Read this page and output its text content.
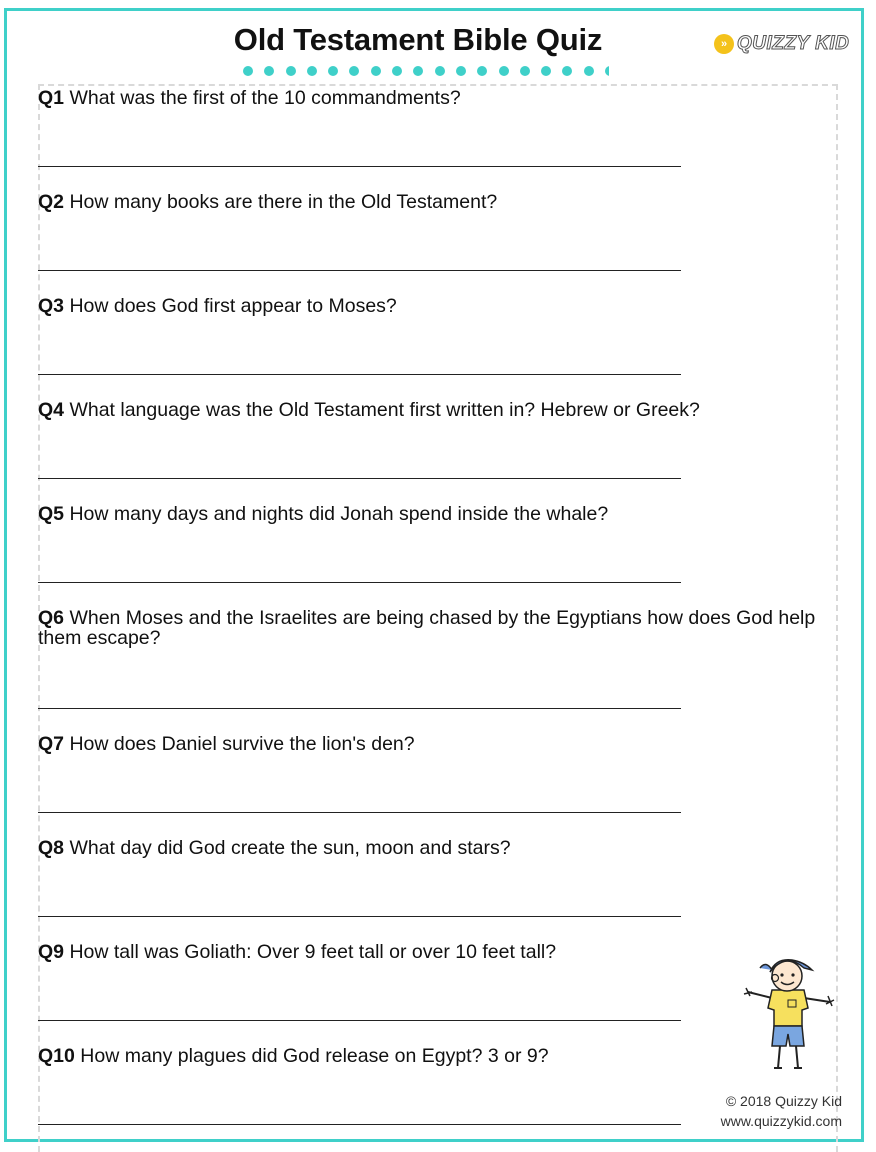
Old Testament Bible Quiz	» QUIZZY KID
Q1 What was the first of the 10 commandments?
Q2 How many books are there in the Old Testament?
Q3 How does God first appear to Moses?
Q4 What language was the Old Testament first written in? Hebrew or Greek?
Q5 How many days and nights did Jonah spend inside the whale?
Q6 When Moses and the Israelites are being chased by the Egyptians how does God help them escape?
Q7 How does Daniel survive the lion's den?
Q8 What day did God create the sun, moon and stars?
Q9 How tall was Goliath: Over 9 feet tall or over 10 feet tall?
Q10 How many plagues did God release on Egypt? 3 or 9?
© 2018 Quizzy Kid
www.quizzykid.com
